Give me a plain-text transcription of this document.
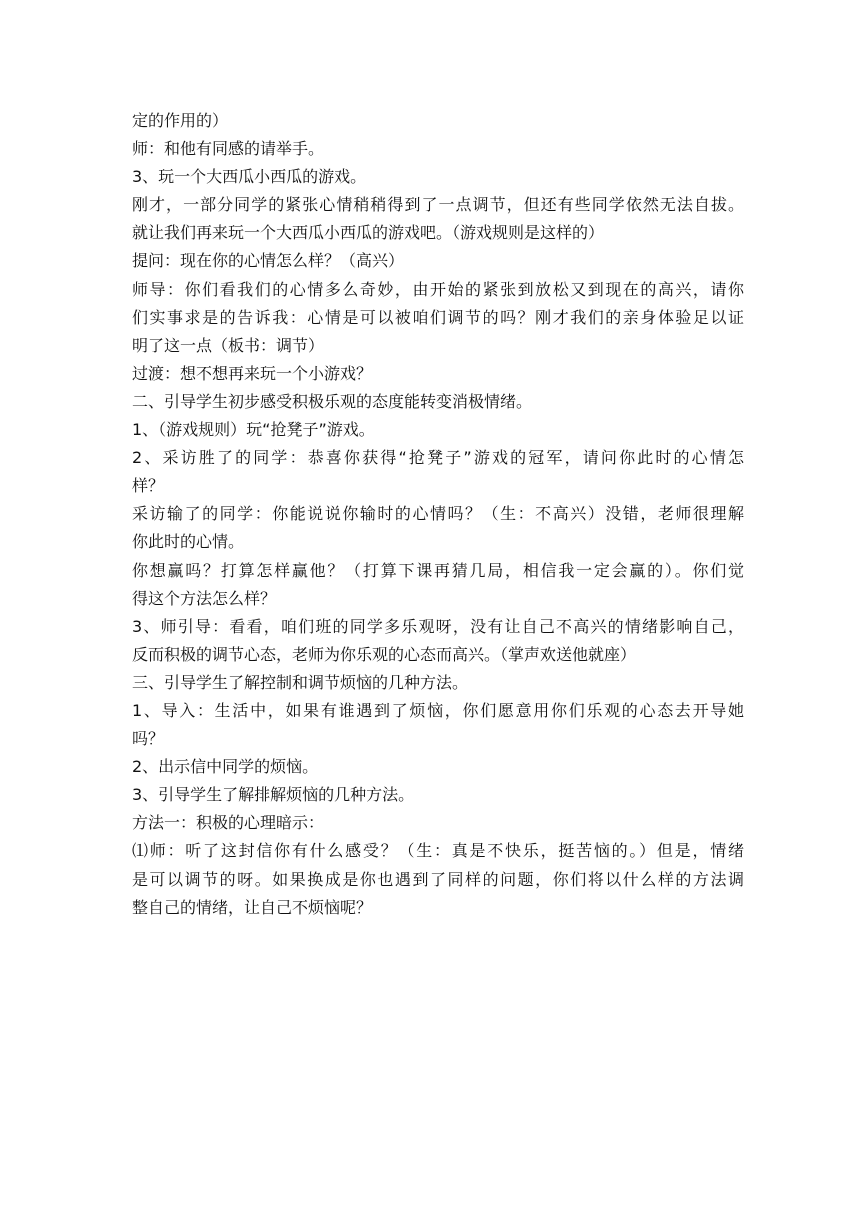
定的作用的）
师：和他有同感的请举手。
3、玩一个大西瓜小西瓜的游戏。
刚才，一部分同学的紧张心情稍稍得到了一点调节，但还有些同学依然无法自拔。
就让我们再来玩一个大西瓜小西瓜的游戏吧。（游戏规则是这样的）
提问：现在你的心情怎么样？（高兴）
师导：你们看我们的心情多么奇妙，由开始的紧张到放松又到现在的高兴，请你
们实事求是的告诉我：心情是可以被咱们调节的吗？刚才我们的亲身体验足以证
明了这一点（板书：调节）
过渡：想不想再来玩一个小游戏？
二、引导学生初步感受积极乐观的态度能转变消极情绪。
1、（游戏规则）玩“抢凳子”游戏。
2、采访胜了的同学：恭喜你获得“抢凳子”游戏的冠军，请问你此时的心情怎
样？
采访输了的同学：你能说说你输时的心情吗？（生：不高兴）没错，老师很理解
你此时的心情。
你想赢吗？打算怎样赢他？（打算下课再猜几局，相信我一定会赢的）。你们觉
得这个方法怎么样？
3、师引导：看看，咱们班的同学多乐观呀，没有让自己不高兴的情绪影响自己，
反而积极的调节心态，老师为你乐观的心态而高兴。（掌声欢送他就座）
三、引导学生了解控制和调节烦恼的几种方法。
1、导入：生活中，如果有谁遇到了烦恼，你们愿意用你们乐观的心态去开导她
吗？
2、出示信中同学的烦恼。
3、引导学生了解排解烦恼的几种方法。
方法一：积极的心理暗示：
⑴师：听了这封信你有什么感受？（生：真是不快乐，挺苦恼的。）但是，情绪
是可以调节的呀。如果换成是你也遇到了同样的问题，你们将以什么样的方法调
整自己的情绪，让自己不烦恼呢？
